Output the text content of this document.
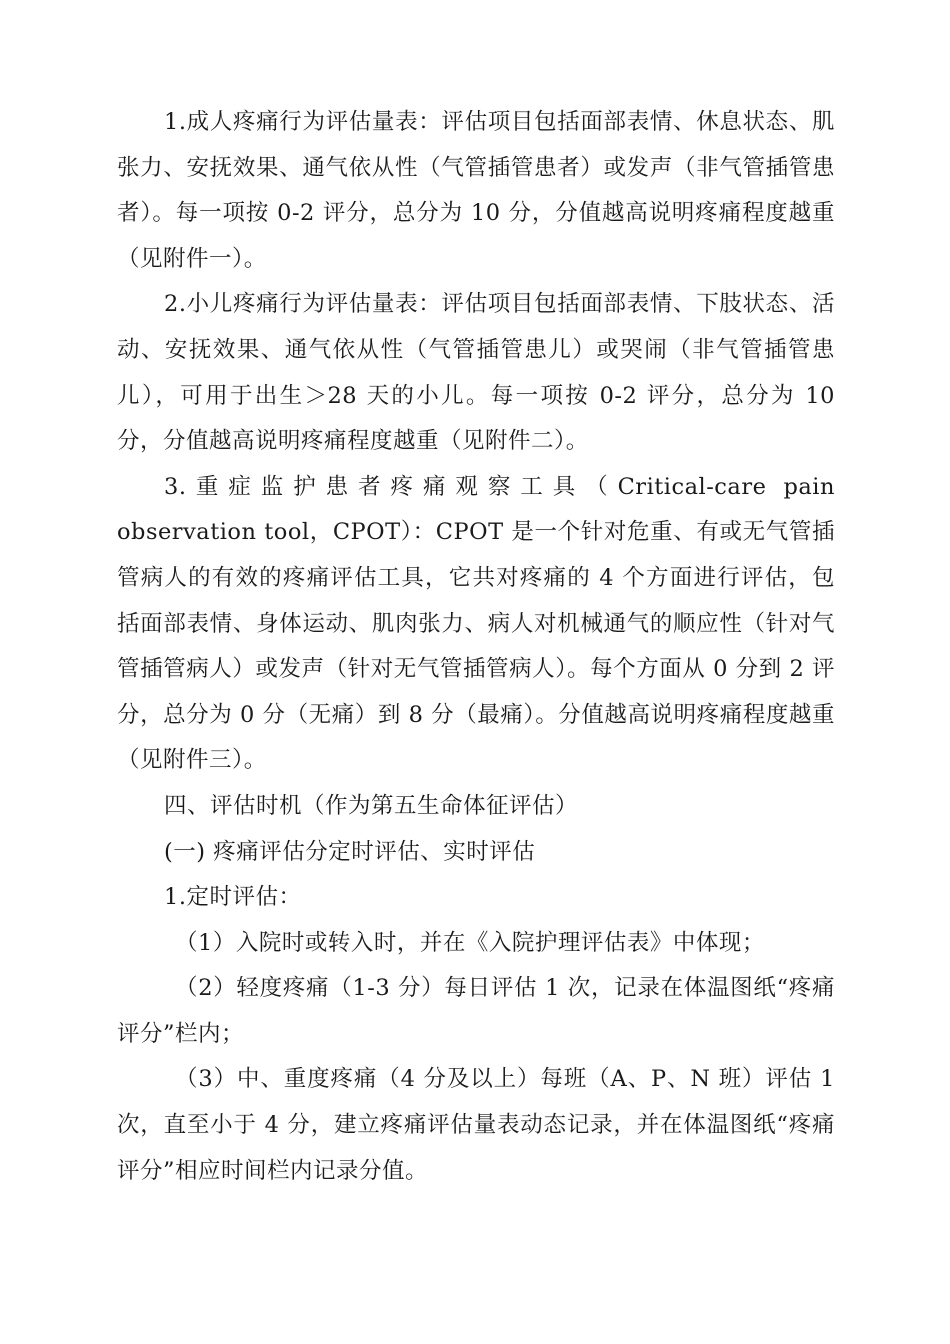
1.成人疼痛行为评估量表：评估项目包括面部表情、休息状态、肌张力、安抚效果、通气依从性（气管插管患者）或发声（非气管插管患者）。每一项按 0-2 评分，总分为 10 分，分值越高说明疼痛程度越重（见附件一）。

2.小儿疼痛行为评估量表：评估项目包括面部表情、下肢状态、活动、安抚效果、通气依从性（气管插管患儿）或哭闹（非气管插管患儿），可用于出生＞28 天的小儿。每一项按 0-2 评分，总分为 10 分，分值越高说明疼痛程度越重（见附件二）。

3.重症监护患者疼痛观察工具（Critical-care pain observation tool，CPOT）：CPOT 是一个针对危重、有或无气管插管病人的有效的疼痛评估工具，它共对疼痛的 4 个方面进行评估，包括面部表情、身体运动、肌肉张力、病人对机械通气的顺应性（针对气管插管病人）或发声（针对无气管插管病人）。每个方面从 0 分到 2 评分，总分为 0 分（无痛）到 8 分（最痛）。分值越高说明疼痛程度越重（见附件三）。

四、评估时机（作为第五生命体征评估）

(一) 疼痛评估分定时评估、实时评估

1.定时评估：

（1）入院时或转入时，并在《入院护理评估表》中体现；

（2）轻度疼痛（1-3 分）每日评估 1 次，记录在体温图纸“疼痛评分”栏内；

（3）中、重度疼痛（4 分及以上）每班（A、P、N 班）评估 1 次，直至小于 4 分，建立疼痛评估量表动态记录，并在体温图纸“疼痛评分”相应时间栏内记录分值。
